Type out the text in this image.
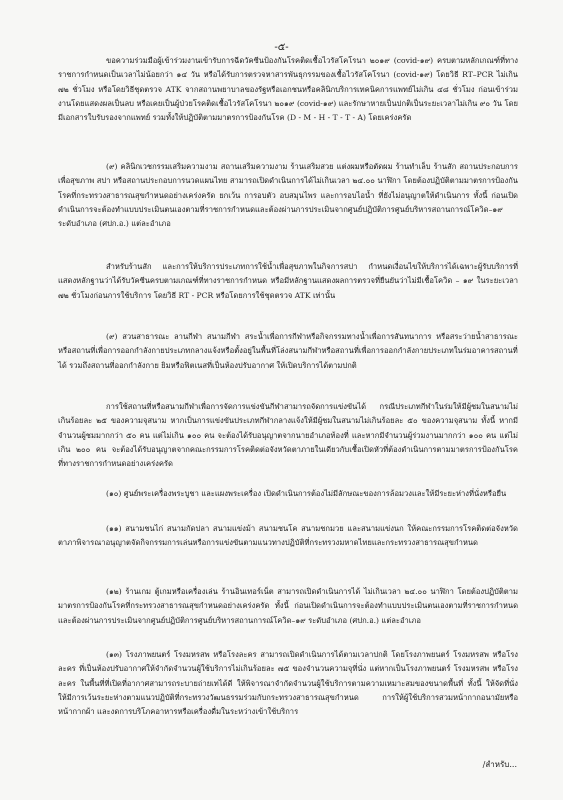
-๕-

ขอความร่วมมือผู้เข้าร่วมงานเข้ารับการฉีดวัคซีนป้องกันโรคติดเชื้อไวรัสโคโรนา ๒๐๑๙ (covid-๑๙) ครบตามหลักเกณฑ์ที่ทางราชการกำหนดเป็นเวลาไม่น้อยกว่า ๑๔ วัน หรือได้รับการตรวจหาสารพันธุกรรมของเชื้อไวรัสโคโรนา (covid-๑๙) โดยวิธี RT–PCR ไม่เกิน ๗๒ ชั่วโมง หรือโดยวิธีชุดตรวจ ATK จากสถานพยาบาลของรัฐหรือเอกชนหรือคลินิกบริการเทคนิคการแพทย์ไม่เกิน ๔๘ ชั่วโมง ก่อนเข้าร่วมงานโดยแสดงผลเป็นลบ หรือเคยเป็นผู้ป่วยโรคติดเชื้อไวรัสโคโรนา ๒๐๑๙ (covid-๑๙) และรักษาหายเป็นปกติเป็นระยะเวลาไม่เกิน ๙๐ วัน โดยมีเอกสารใบรับรองจากแพทย์ รวมทั้งให้ปฏิบัติตามมาตรการป้องกันโรค (D - M - H - T - T - A) โดยเคร่งครัด

(๙) คลินิกเวชกรรมเสริมความงาม สถานเสริมความงาม ร้านเสริมสวย แต่งผมหรือตัดผม ร้านทำเล็บ ร้านสัก สถานประกอบการเพื่อสุขภาพ สปา หรือสถานประกอบการนวดแผนไทย สามารถเปิดดำเนินการได้ไม่เกินเวลา ๒๔.๐๐ นาฬิกา โดยต้องปฏิบัติตามมาตรการป้องกันโรคที่กระทรวงสาธารณสุขกำหนดอย่างเคร่งครัด ยกเว้น การอบตัว อบสมุนไพร และการอบไอน้ำ ที่ยังไม่อนุญาตให้ดำเนินการ ทั้งนี้ ก่อนเปิดดำเนินการจะต้องทำแบบประเมินตนเองตามที่ราชการกำหนดและต้องผ่านการประเมินจากศูนย์ปฏิบัติการศูนย์บริหารสถานการณ์โควิด–๑๙ ระดับอำเภอ (ศปก.อ.) แต่ละอำเภอ

สำหรับร้านสัก และการให้บริการประเภทการใช้น้ำเพื่อสุขภาพในกิจการสปา กำหนดเงื่อนไขให้บริการได้เฉพาะผู้รับบริการที่แสดงหลักฐานว่าได้รับวัคซีนครบตามเกณฑ์ที่ทางราชการกำหนด หรือมีหลักฐานแสดงผลการตรวจที่ยืนยันว่าไม่มีเชื้อโควิด – ๑๙ ในระยะเวลา ๗๒ ชั่วโมงก่อนการใช้บริการ โดยวิธี RT - PCR หรือโดยการใช้ชุดตรวจ ATK เท่านั้น

(๙) สวนสาธารณะ ลานกีฬา สนามกีฬา สระน้ำเพื่อการกีฬาหรือกิจกรรมทางน้ำเพื่อการสันทนาการ หรือสระว่ายน้ำสาธารณะ หรือสถานที่เพื่อการออกกำลังกายประเภทกลางแจ้งหรือตั้งอยู่ในพื้นที่โล่งสนามกีฬาหรือสถานที่เพื่อการออกกำลังกายประเภทในร่มอาคารสถานที่ได้ รวมถึงสถานที่ออกกำลังกาย ยิมหรือฟิตเนสที่เป็นห้องปรับอากาศ ให้เปิดบริการได้ตามปกติ

การใช้สถานที่หรือสนามกีฬาเพื่อการจัดการแข่งขันกีฬาสามารถจัดการแข่งขันได้ กรณีประเภทกีฬาในร่มให้มีผู้ชมในสนามไม่เกินร้อยละ ๒๕ ของความจุสนาม หากเป็นการแข่งขันประเภทกีฬากลางแจ้งให้มีผู้ชมในสนามไม่เกินร้อยละ ๕๐ ของความจุสนาม ทั้งนี้ หากมีจำนวนผู้ชมมากกว่า ๕๐ คน แต่ไม่เกิน ๑๐๐ คน จะต้องได้รับอนุญาตจากนายอำเภอท้องที่ และหากมีจำนวนผู้ร่วมงานมากกว่า ๑๐๐ คน แต่ไม่เกิน ๒๐๐ คน จะต้องได้รับอนุญาตจากคณะกรรมการโรคติดต่อจังหวัดตาภายในเดียวกับเชื้อเปิดหัวที่ต้องดำเนินการตามมาตรการป้องกันโรคที่ทางราชการกำหนดอย่างเคร่งครัด

(๑๐) ศูนย์พระเครื่องพระบูชา และแผงพระเครื่อง เปิดดำเนินการต้องไม่มีลักษณะของการล้อมวงและให้มีระยะห่างที่นั่งหรือยืน

(๑๑) สนามชนไก่ สนามกัดปลา สนามแข่งม้า สนามชนโค สนามชกมวย และสนามแข่งนก ให้คณะกรรมการโรคติดต่อจังหวัดตาภาพิจารณาอนุญาตจัดกิจกรรมการเล่นหรือการแข่งขันตามแนวทางปฏิบัติที่กระทรวงมหาดไทยและกระทรวงสาธารณสุขกำหนด

(๑๒) ร้านเกม ตู้เกมหรือเครื่องเล่น ร้านอินเทอร์เน็ต สามารถเปิดดำเนินการได้ ไม่เกินเวลา ๒๔.๐๐ นาฬิกา โดยต้องปฏิบัติตามมาตรการป้องกันโรคที่กระทรวงสาธารณสุขกำหนดอย่างเคร่งครัด ทั้งนี้ ก่อนเปิดดำเนินการจะต้องทำแบบประเมินตนเองตามที่ราชการกำหนดและต้องผ่านการประเมินจากศูนย์ปฏิบัติการศูนย์บริหารสถานการณ์โควิด–๑๙ ระดับอำเภอ (ศปก.อ.) แต่ละอำเภอ

(๑๓) โรงภาพยนตร์ โรงมหรสพ หรือโรงละคร สามารถเปิดดำเนินการได้ตามเวลาปกติ โดยโรงภาพยนตร์ โรงมหรสพ หรือโรงละคร ที่เป็นห้องปรับอากาศให้จำกัดจำนวนผู้ใช้บริการไม่เกินร้อยละ ๗๕ ของจำนวนความจุที่นั่ง แต่หากเป็นโรงภาพยนตร์ โรงมหรสพ หรือโรงละคร ในพื้นที่ที่เปิดที่อากาศสามารถระบายถ่ายเทได้ดี ให้พิจารณาจำกัดจำนวนผู้ใช้บริการตามความเหมาะสมของขนาดพื้นที่ ทั้งนี้ ให้จัดที่นั่งให้มีการเว้นระยะห่างตามแนวปฏิบัติที่กระทรวงวัฒนธรรมร่วมกับกระทรวงสาธารณสุขกำหนด การให้ผู้ใช้บริการสวมหน้ากากอนามัยหรือหน้ากากผ้า และงดการบริโภคอาหารหรือเครื่องดื่มในระหว่างเข้าใช้บริการ

/สำหรับ...
